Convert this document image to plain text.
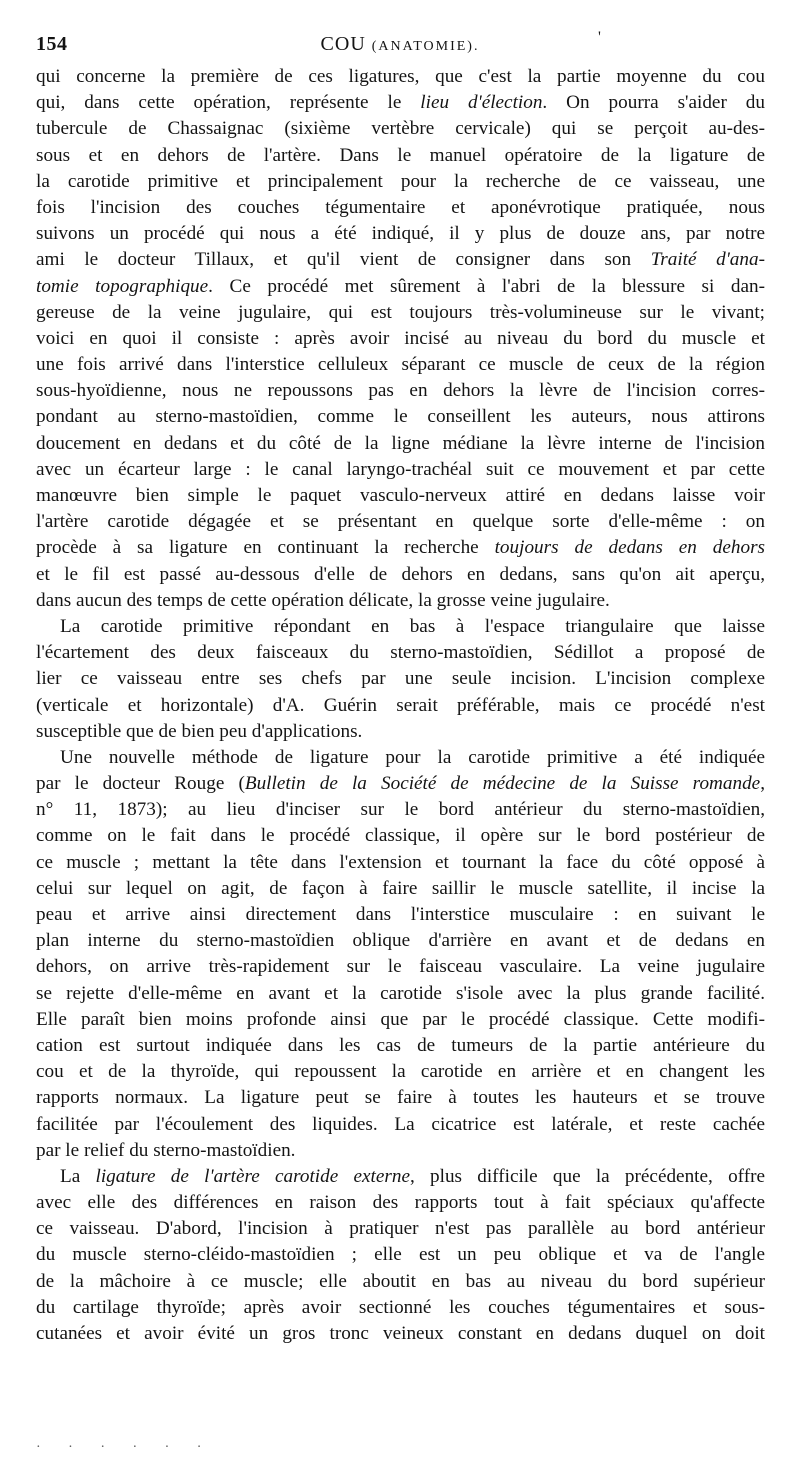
154	COU (ANATOMIE).
'
qui concerne la première de ces ligatures, que c'est la partie moyenne du cou
qui, dans cette opération, représente le lieu d'élection. On pourra s'aider du
tubercule de Chassaignac (sixième vertèbre cervicale) qui se perçoit au-des-
sous et en dehors de l'artère. Dans le manuel opératoire de la ligature de
la carotide primitive et principalement pour la recherche de ce vaisseau, une
fois l'incision des couches tégumentaire et aponévrotique pratiquée, nous
suivons un procédé qui nous a été indiqué, il y plus de douze ans, par notre
ami le docteur Tillaux, et qu'il vient de consigner dans son Traité d'ana-
tomie topographique. Ce procédé met sûrement à l'abri de la blessure si dan-
gereuse de la veine jugulaire, qui est toujours très-volumineuse sur le vivant;
voici en quoi il consiste : après avoir incisé au niveau du bord du muscle et
une fois arrivé dans l'interstice celluleux séparant ce muscle de ceux de la région
sous-hyoïdienne, nous ne repoussons pas en dehors la lèvre de l'incision corres-
pondant au sterno-mastoïdien, comme le conseillent les auteurs, nous attirons
doucement en dedans et du côté de la ligne médiane la lèvre interne de l'incision
avec un écarteur large : le canal laryngo-trachéal suit ce mouvement et par cette
manœuvre bien simple le paquet vasculo-nerveux attiré en dedans laisse voir
l'artère carotide dégagée et se présentant en quelque sorte d'elle-même : on
procède à sa ligature en continuant la recherche toujours de dedans en dehors
et le fil est passé au-dessous d'elle de dehors en dedans, sans qu'on ait aperçu,
dans aucun des temps de cette opération délicate, la grosse veine jugulaire.
La carotide primitive répondant en bas à l'espace triangulaire que laisse
l'écartement des deux faisceaux du sterno-mastoïdien, Sédillot a proposé de
lier ce vaisseau entre ses chefs par une seule incision. L'incision complexe
(verticale et horizontale) d'A. Guérin serait préférable, mais ce procédé n'est
susceptible que de bien peu d'applications.
Une nouvelle méthode de ligature pour la carotide primitive a été indiquée
par le docteur Rouge (Bulletin de la Société de médecine de la Suisse romande,
n° 11, 1873); au lieu d'inciser sur le bord antérieur du sterno-mastoïdien,
comme on le fait dans le procédé classique, il opère sur le bord postérieur de
ce muscle ; mettant la tête dans l'extension et tournant la face du côté opposé à
celui sur lequel on agit, de façon à faire saillir le muscle satellite, il incise la
peau et arrive ainsi directement dans l'interstice musculaire : en suivant le
plan interne du sterno-mastoïdien oblique d'arrière en avant et de dedans en
dehors, on arrive très-rapidement sur le faisceau vasculaire. La veine jugulaire
se rejette d'elle-même en avant et la carotide s'isole avec la plus grande facilité.
Elle paraît bien moins profonde ainsi que par le procédé classique. Cette modifi-
cation est surtout indiquée dans les cas de tumeurs de la partie antérieure du
cou et de la thyroïde, qui repoussent la carotide en arrière et en changent les
rapports normaux. La ligature peut se faire à toutes les hauteurs et se trouve
facilitée par l'écoulement des liquides. La cicatrice est latérale, et reste cachée
par le relief du sterno-mastoïdien.
La ligature de l'artère carotide externe, plus difficile que la précédente, offre
avec elle des différences en raison des rapports tout à fait spéciaux qu'affecte
ce vaisseau. D'abord, l'incision à pratiquer n'est pas parallèle au bord antérieur
du muscle sterno-cléido-mastoïdien ; elle est un peu oblique et va de l'angle
de la mâchoire à ce muscle; elle aboutit en bas au niveau du bord supérieur
du cartilage thyroïde; après avoir sectionné les couches tégumentaires et sous-
cutanées et avoir évité un gros tronc veineux constant en dedans duquel on doit
· · · · · ·
